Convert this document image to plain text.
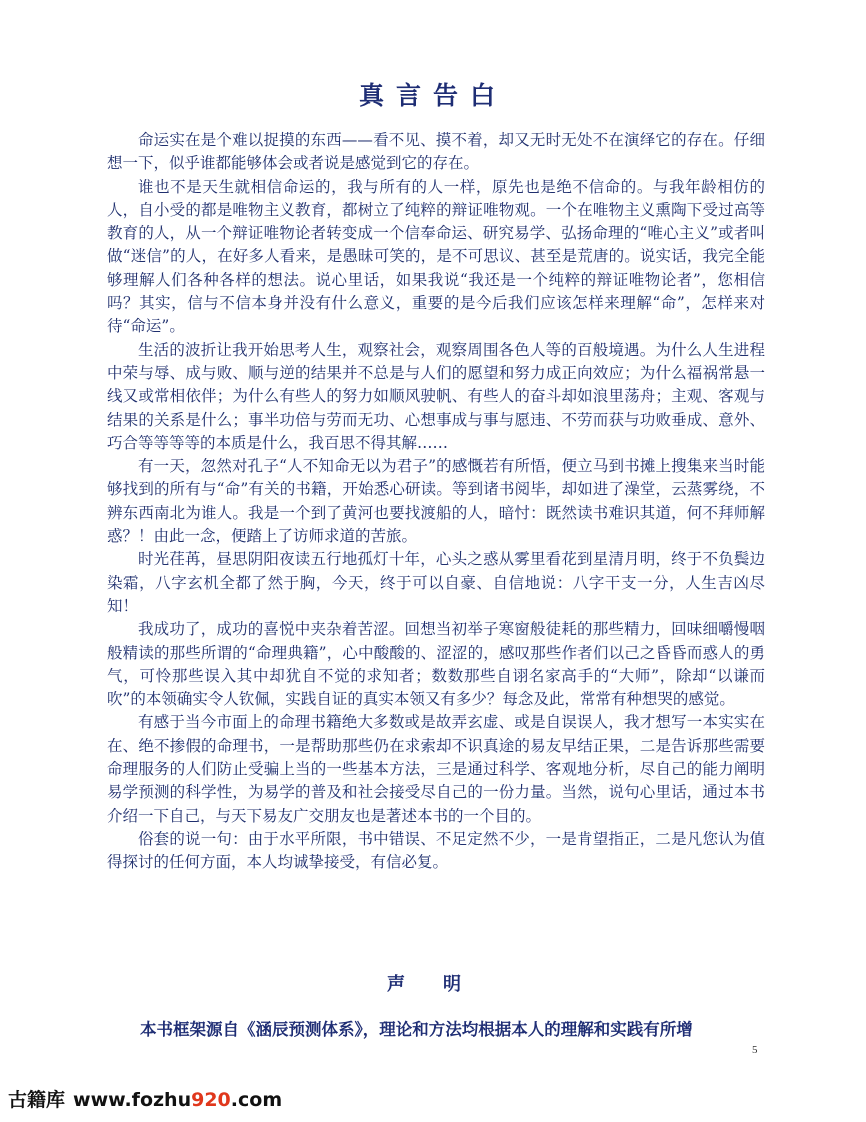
真言告白

命运实在是个难以捉摸的东西——看不见、摸不着，却又无时无处不在演绎它的存在。仔细想一下，似乎谁都能够体会或者说是感觉到它的存在。

谁也不是天生就相信命运的，我与所有的人一样，原先也是绝不信命的。与我年龄相仿的人，自小受的都是唯物主义教育，都树立了纯粹的辩证唯物观。一个在唯物主义熏陶下受过高等教育的人，从一个辩证唯物论者转变成一个信奉命运、研究易学、弘扬命理的“唯心主义”或者叫做“迷信”的人，在好多人看来，是愚昧可笑的，是不可思议、甚至是荒唐的。说实话，我完全能够理解人们各种各样的想法。说心里话，如果我说“我还是一个纯粹的辩证唯物论者”，您相信吗？其实，信与不信本身并没有什么意义，重要的是今后我们应该怎样来理解“命”，怎样来对待“命运”。

生活的波折让我开始思考人生，观察社会，观察周围各色人等的百般境遇。为什么人生进程中荣与辱、成与败、顺与逆的结果并不总是与人们的愿望和努力成正向效应；为什么福祸常悬一线又或常相依伴；为什么有些人的努力如顺风驶帆、有些人的奋斗却如浪里荡舟；主观、客观与结果的关系是什么；事半功倍与劳而无功、心想事成与事与愿违、不劳而获与功败垂成、意外、巧合等等等等的本质是什么，我百思不得其解……

有一天，忽然对孔子“人不知命无以为君子”的感慨若有所悟，便立马到书摊上搜集来当时能够找到的所有与“命”有关的书籍，开始悉心研读。等到诸书阅毕，却如进了澡堂，云蒸雾绕，不辨东西南北为谁人。我是一个到了黄河也要找渡船的人，暗忖：既然读书难识其道，何不拜师解惑？！由此一念，便踏上了访师求道的苦旅。

时光荏苒，昼思阴阳夜读五行地孤灯十年，心头之惑从雾里看花到星清月明，终于不负鬓边染霜，八字玄机全都了然于胸，今天，终于可以自豪、自信地说：八字干支一分，人生吉凶尽知！

我成功了，成功的喜悦中夹杂着苦涩。回想当初举子寒窗般徒耗的那些精力，回味细嚼慢咽般精读的那些所谓的“命理典籍”，心中酸酸的、涩涩的，感叹那些作者们以己之昏昏而惑人的勇气，可怜那些误入其中却犹自不觉的求知者；数数那些自诩名家高手的“大师”，除却“以谦而吹”的本领确实令人钦佩，实践自证的真实本领又有多少？每念及此，常常有种想哭的感觉。

有感于当今市面上的命理书籍绝大多数或是故弄玄虚、或是自误误人，我才想写一本实实在在、绝不掺假的命理书，一是帮助那些仍在求索却不识真途的易友早结正果，二是告诉那些需要命理服务的人们防止受骗上当的一些基本方法，三是通过科学、客观地分析，尽自己的能力阐明易学预测的科学性，为易学的普及和社会接受尽自己的一份力量。当然，说句心里话，通过本书介绍一下自己，与天下易友广交朋友也是著述本书的一个目的。

俗套的说一句：由于水平所限，书中错误、不足定然不少，一是肯望指正，二是凡您认为值得探讨的任何方面，本人均诚挚接受，有信必复。

声明

本书框架源自《涵辰预测体系》，理论和方法均根据本人的理解和实践有所增

5
古籍库 www.fozhu920.com
